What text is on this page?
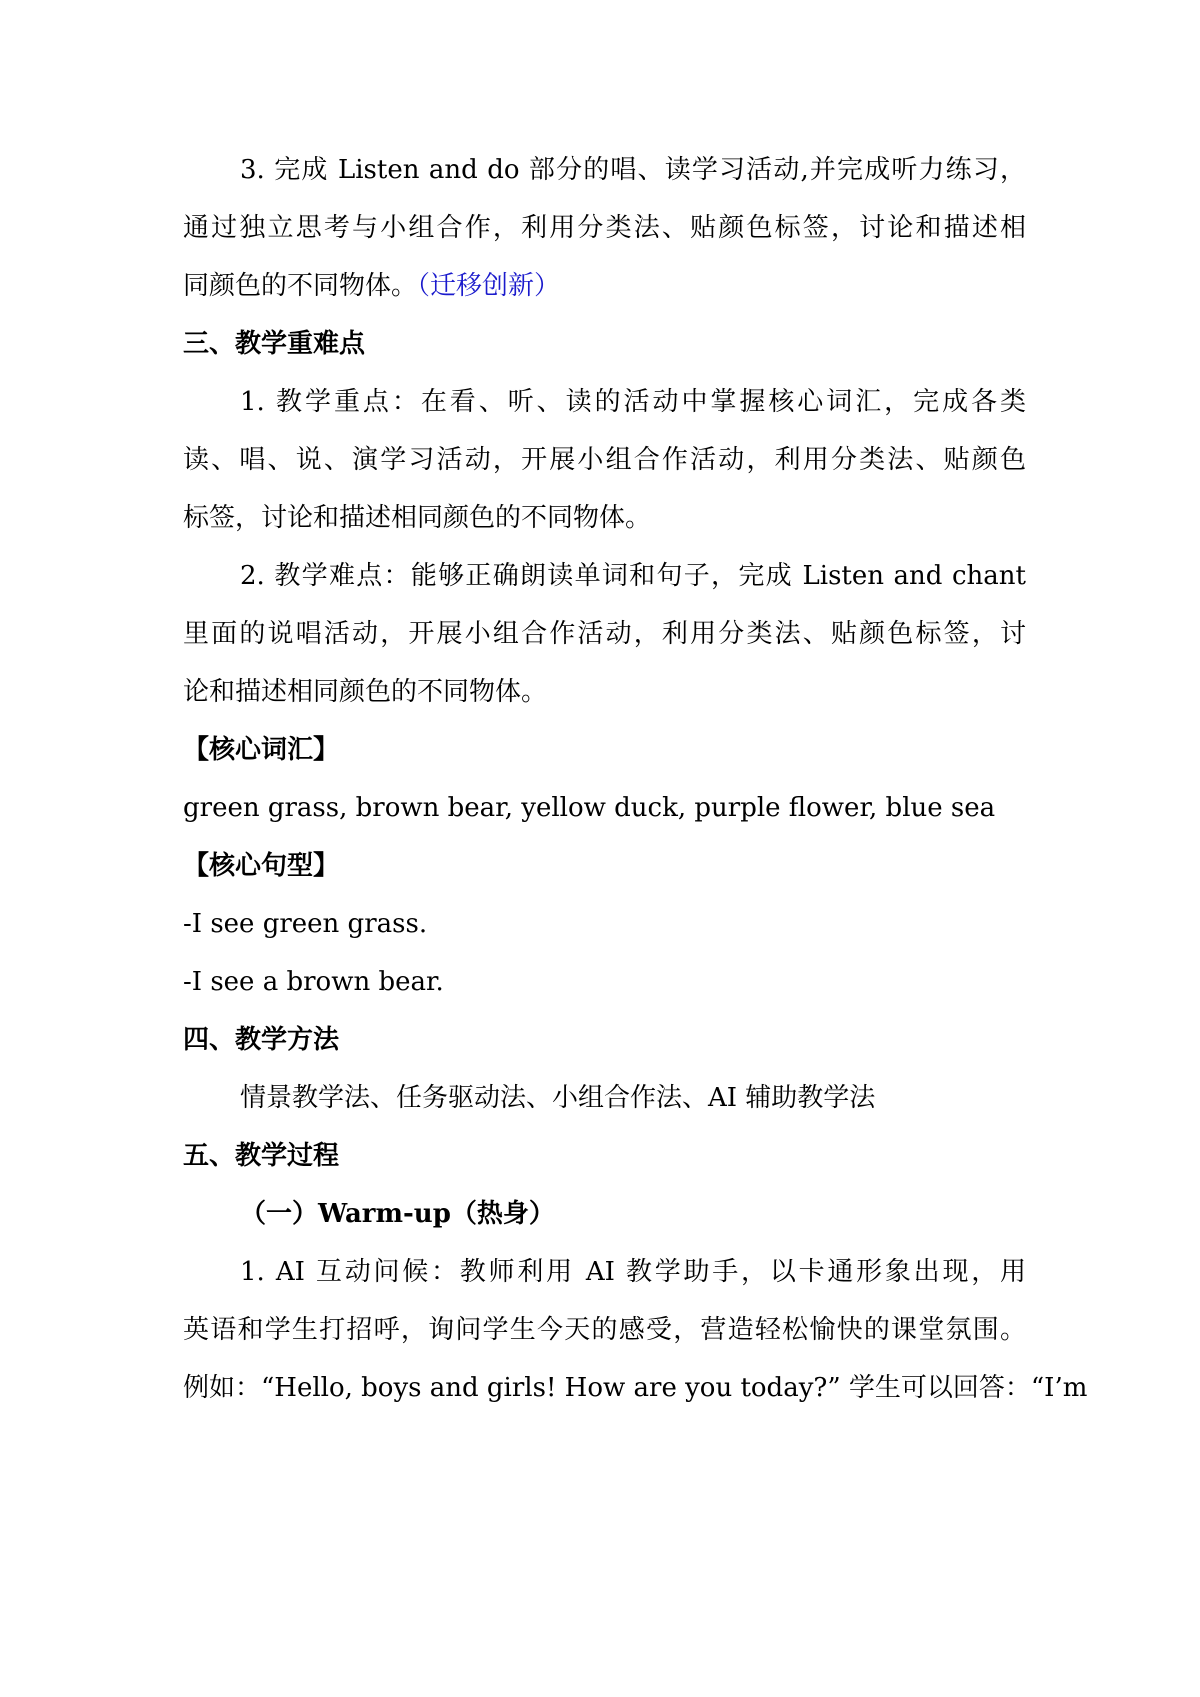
3. 完成 Listen and do 部分的唱、读学习活动,并完成听力练习，
通过独立思考与小组合作，利用分类法、贴颜色标签，讨论和描述相
同颜色的不同物体。（迁移创新）
三、教学重难点
1. 教学重点：在看、听、读的活动中掌握核心词汇，完成各类
读、唱、说、演学习活动，开展小组合作活动，利用分类法、贴颜色
标签，讨论和描述相同颜色的不同物体。
2. 教学难点：能够正确朗读单词和句子，完成 Listen and chant
里面的说唱活动，开展小组合作活动，利用分类法、贴颜色标签，讨
论和描述相同颜色的不同物体。
【核心词汇】
green grass, brown bear, yellow duck, purple flower, blue sea
【核心句型】
-I see green grass.
-I see a brown bear.
四、教学方法
情景教学法、任务驱动法、小组合作法、AI 辅助教学法
五、教学过程
（一）Warm-up（热身）
1. AI 互动问候：教师利用 AI 教学助手，以卡通形象出现，用
英语和学生打招呼，询问学生今天的感受，营造轻松愉快的课堂氛围。
例如：“Hello, boys and girls! How are you today?” 学生可以回答：“I’m
